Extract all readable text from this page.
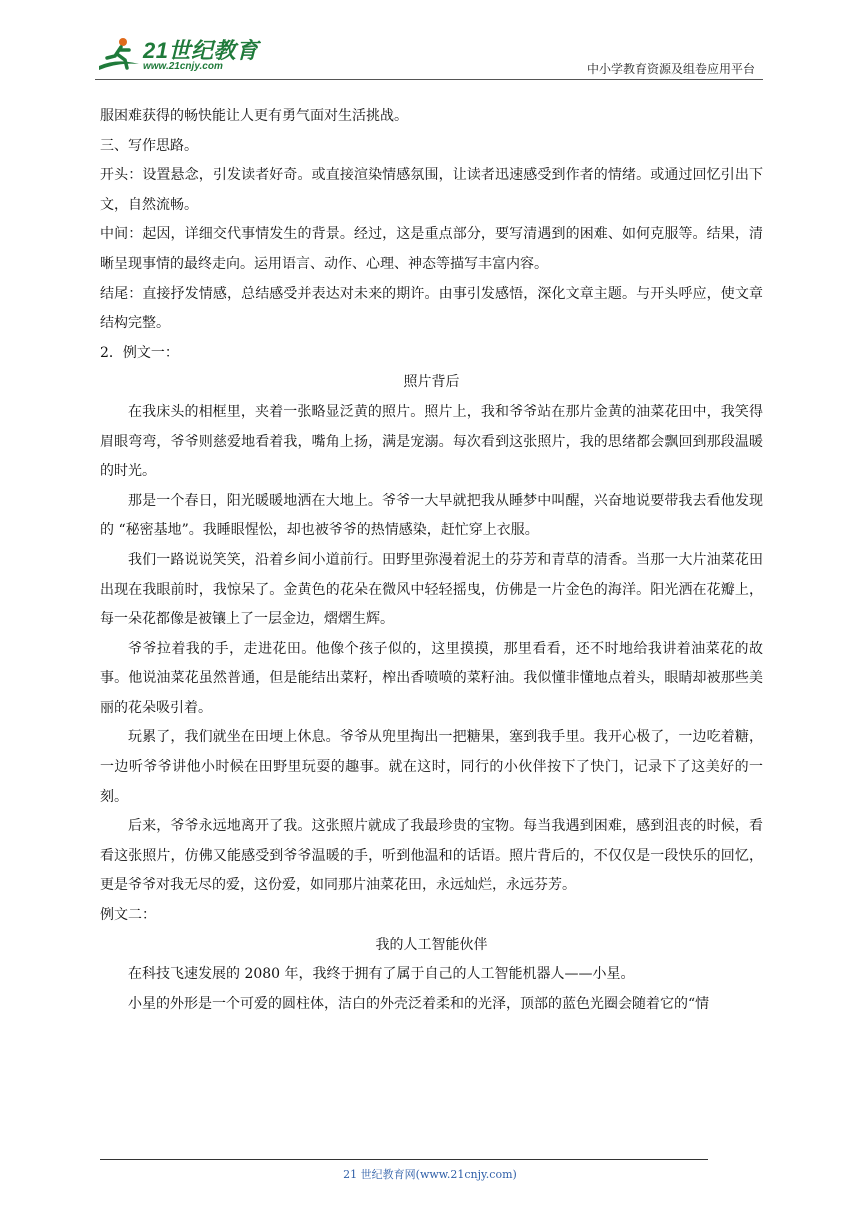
21世纪教育
www.21cnjy.com	中小学教育资源及组卷应用平台

服困难获得的畅快能让人更有勇气面对生活挑战。

三、写作思路。

开头：设置悬念，引发读者好奇。或直接渲染情感氛围，让读者迅速感受到作者的情绪。或通过回忆引出下文，自然流畅。

中间：起因，详细交代事情发生的背景。经过，这是重点部分，要写清遇到的困难、如何克服等。结果，清晰呈现事情的最终走向。运用语言、动作、心理、神态等描写丰富内容。

结尾：直接抒发情感，总结感受并表达对未来的期许。由事引发感悟，深化文章主题。与开头呼应，使文章结构完整。

2．例文一：

照片背后

在我床头的相框里，夹着一张略显泛黄的照片。照片上，我和爷爷站在那片金黄的油菜花田中，我笑得眉眼弯弯，爷爷则慈爱地看着我，嘴角上扬，满是宠溺。每次看到这张照片，我的思绪都会飘回到那段温暖的时光。

那是一个春日，阳光暖暖地洒在大地上。爷爷一大早就把我从睡梦中叫醒，兴奋地说要带我去看他发现的 “秘密基地”。我睡眼惺忪，却也被爷爷的热情感染，赶忙穿上衣服。

我们一路说说笑笑，沿着乡间小道前行。田野里弥漫着泥土的芬芳和青草的清香。当那一大片油菜花田出现在我眼前时，我惊呆了。金黄色的花朵在微风中轻轻摇曳，仿佛是一片金色的海洋。阳光洒在花瓣上，每一朵花都像是被镶上了一层金边，熠熠生辉。

爷爷拉着我的手，走进花田。他像个孩子似的，这里摸摸，那里看看，还不时地给我讲着油菜花的故事。他说油菜花虽然普通，但是能结出菜籽，榨出香喷喷的菜籽油。我似懂非懂地点着头，眼睛却被那些美丽的花朵吸引着。

玩累了，我们就坐在田埂上休息。爷爷从兜里掏出一把糖果，塞到我手里。我开心极了，一边吃着糖，一边听爷爷讲他小时候在田野里玩耍的趣事。就在这时，同行的小伙伴按下了快门，记录下了这美好的一刻。

后来，爷爷永远地离开了我。这张照片就成了我最珍贵的宝物。每当我遇到困难，感到沮丧的时候，看看这张照片，仿佛又能感受到爷爷温暖的手，听到他温和的话语。照片背后的，不仅仅是一段快乐的回忆，更是爷爷对我无尽的爱，这份爱，如同那片油菜花田，永远灿烂，永远芬芳。

例文二：

我的人工智能伙伴

在科技飞速发展的 2080 年，我终于拥有了属于自己的人工智能机器人——小星。

小星的外形是一个可爱的圆柱体，洁白的外壳泛着柔和的光泽，顶部的蓝色光圈会随着它的“情

21 世纪教育网(www.21cnjy.com)
